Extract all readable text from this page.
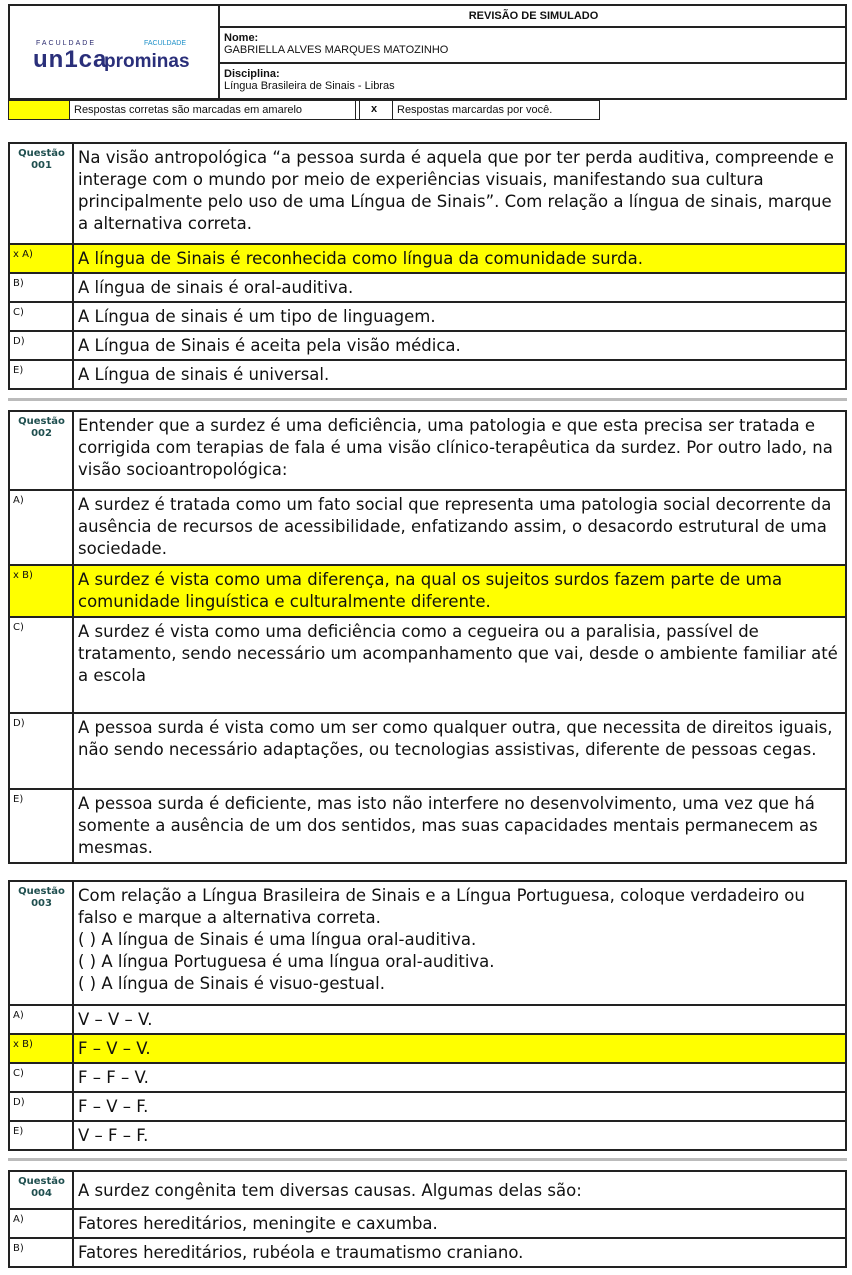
FACULDADE	FACULDADE
un1ca
prominas
REVISÃO DE SIMULADO
Nome:
GABRIELLA ALVES MARQUES MATOZINHO
Disciplina:
Língua Brasileira de Sinais - Libras
Respostas corretas são marcadas em amarelo	x	Respostas marcardas por você.
Questão
001	Na visão antropológica “a pessoa surda é aquela que por ter perda auditiva, compreende e interage com o mundo por meio de experiências visuais, manifestando sua cultura principalmente pelo uso de uma Língua de Sinais”. Com relação a língua de sinais, marque a alternativa correta.
x A)	A língua de Sinais é reconhecida como língua da comunidade surda.
B)	A língua de sinais é oral-auditiva.
C)	A Língua de sinais é um tipo de linguagem.
D)	A Língua de Sinais é aceita pela visão médica.
E)	A Língua de sinais é universal.
Questão
002	Entender que a surdez é uma deficiência, uma patologia e que esta precisa ser tratada e corrigida com terapias de fala é uma visão clínico-terapêutica da surdez. Por outro lado, na visão socioantropológica:
A)	A surdez é tratada como um fato social que representa uma patologia social decorrente da ausência de recursos de acessibilidade, enfatizando assim, o desacordo estrutural de uma sociedade.
x B)	A surdez é vista como uma diferença, na qual os sujeitos surdos fazem parte de uma comunidade linguística e culturalmente diferente.
C)	A surdez é vista como uma deficiência como a cegueira ou a paralisia, passível de tratamento, sendo necessário um acompanhamento que vai, desde o ambiente familiar até a escola
D)	A pessoa surda é vista como um ser como qualquer outra, que necessita de direitos iguais, não sendo necessário adaptações, ou tecnologias assistivas, diferente de pessoas cegas.
E)	A pessoa surda é deficiente, mas isto não interfere no desenvolvimento, uma vez que há somente a ausência de um dos sentidos, mas suas capacidades mentais permanecem as mesmas.
Questão
003	Com relação a Língua Brasileira de Sinais e a Língua Portuguesa, coloque verdadeiro ou falso e marque a alternativa correta.
( ) A língua de Sinais é uma língua oral-auditiva.
( ) A língua Portuguesa é uma língua oral-auditiva.
( ) A língua de Sinais é visuo-gestual.
A)	V – V – V.
x B)	F – V – V.
C)	F – F – V.
D)	F – V – F.
E)	V – F – F.
Questão
004	A surdez congênita tem diversas causas. Algumas delas são:
A)	Fatores hereditários, meningite e caxumba.
B)	Fatores hereditários, rubéola e traumatismo craniano.
